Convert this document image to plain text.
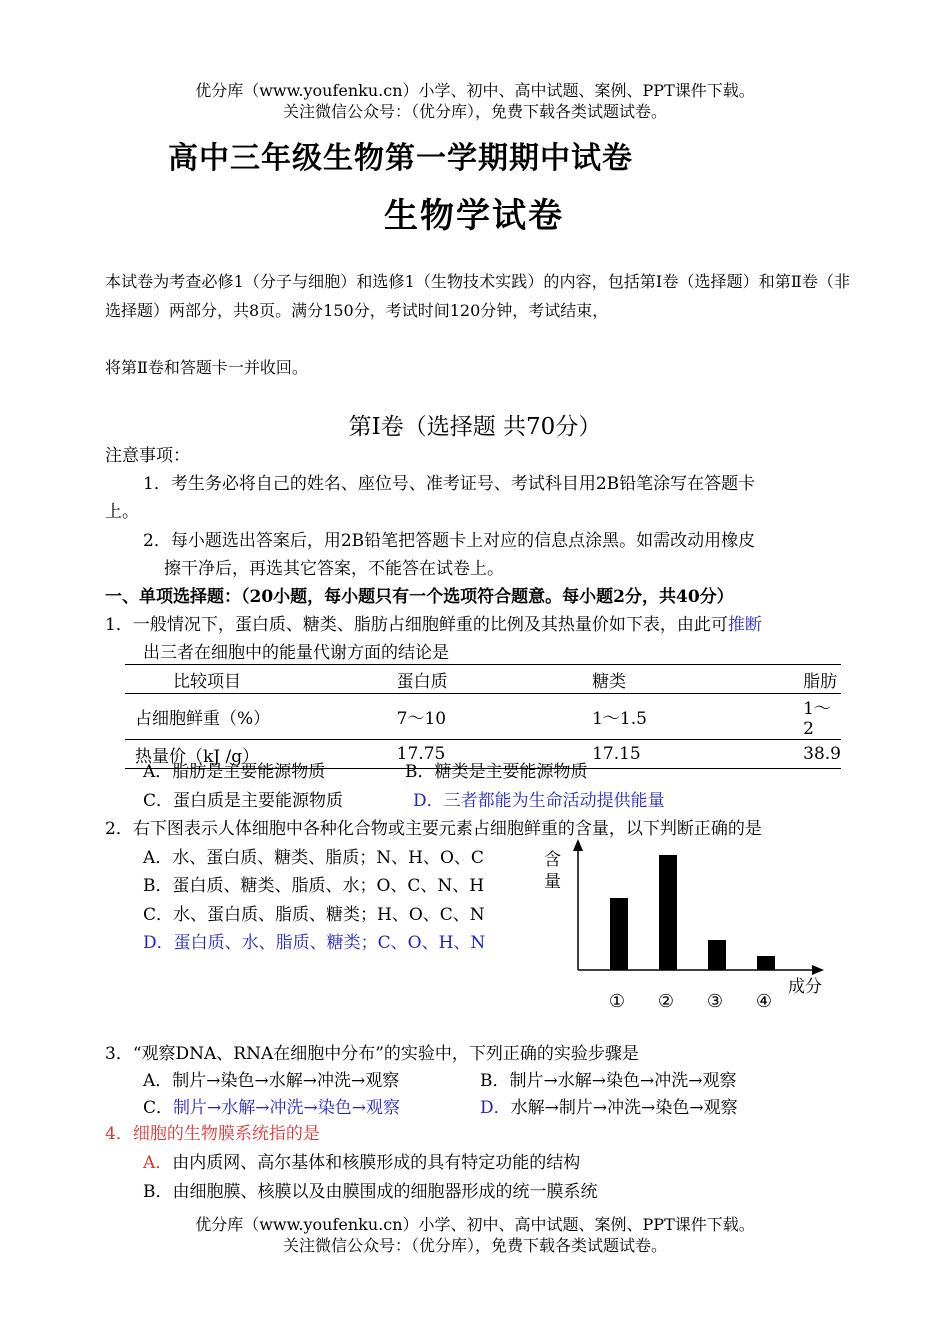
优分库（www.youfenku.cn）小学、初中、高中试题、案例、PPT课件下载。
关注微信公众号：（优分库），免费下载各类试题试卷。
高中三年级生物第一学期期中试卷
生物学试卷
本试卷为考查必修1（分子与细胞）和选修1（生物技术实践）的内容，包括第Ⅰ卷（选择题）和第Ⅱ卷（非选择题）两部分，共8页。满分150分，考试时间120分钟，考试结束，
将第Ⅱ卷和答题卡一并收回。
第Ⅰ卷（选择题 共70分）
注意事项：
1．考生务必将自己的姓名、座位号、准考证号、考试科目用2B铅笔涂写在答题卡
上。
2．每小题选出答案后，用2B铅笔把答题卡上对应的信息点涂黑。如需改动用橡皮
擦干净后，再选其它答案，不能答在试卷上。
一、单项选择题：（20小题，每小题只有一个选项符合题意。每小题2分，共40分）
1．一般情况下，蛋白质、糖类、脂肪占细胞鲜重的比例及其热量价如下表，由此可推断
出三者在细胞中的能量代谢方面的结论是
比较项目	蛋白质	糖类	脂肪
占细胞鲜重（%）	7～10	1～1.5	1～2
热量价（kJ /g）	17.75	17.15	38.9
A．脂肪是主要能源物质	B．糖类是主要能源物质
C．蛋白质是主要能源物质	D．三者都能为生命活动提供能量
2．右下图表示人体细胞中各种化合物或主要元素占细胞鲜重的含量，以下判断正确的是
A．水、蛋白质、糖类、脂质；N、H、O、C
B．蛋白质、糖类、脂质、水；O、C、N、H
C．水、蛋白质、脂质、糖类；H、O、C、N
D．蛋白质、水、脂质、糖类；C、O、H、N
含
量
成分
① ② ③ ④
3．“观察DNA、RNA在细胞中分布”的实验中，下列正确的实验步骤是
A．制片→染色→水解→冲洗→观察	B．制片→水解→染色→冲洗→观察
C．制片→水解→冲洗→染色→观察	D．水解→制片→冲洗→染色→观察
4．细胞的生物膜系统指的是
A．由内质网、高尔基体和核膜形成的具有特定功能的结构
B．由细胞膜、核膜以及由膜围成的细胞器形成的统一膜系统
优分库（www.youfenku.cn）小学、初中、高中试题、案例、PPT课件下载。
关注微信公众号：（优分库），免费下载各类试题试卷。
